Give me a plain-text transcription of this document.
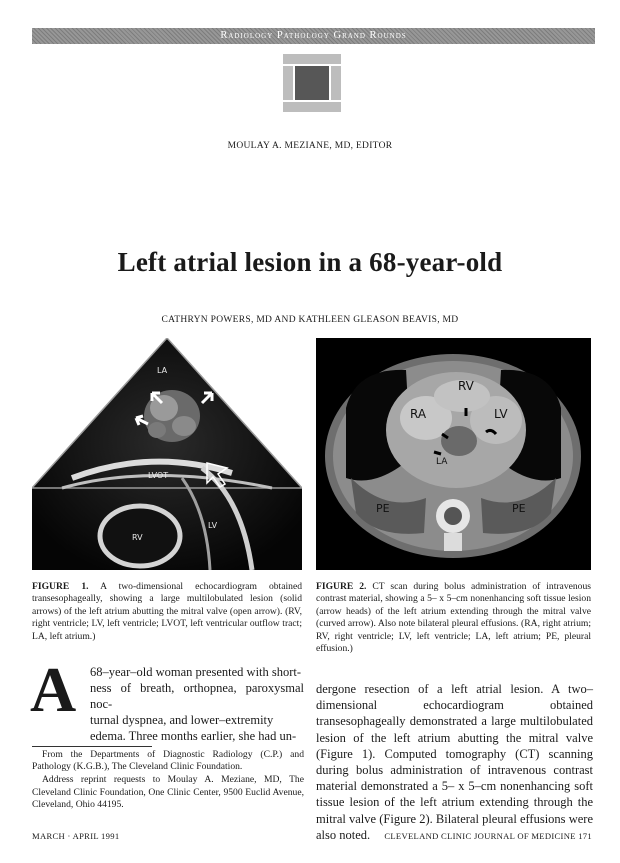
Radiology Pathology Grand Rounds
MOULAY A. MEZIANE, MD, EDITOR
Left atrial lesion in a 68-year-old
CATHRYN POWERS, MD AND KATHLEEN GLEASON BEAVIS, MD
LA
LVOT
LV
RV
RV
RA	LV
LA
PE	PE
FIGURE 1. A two-dimensional echocardiogram obtained transesophageally, showing a large multilobulated lesion (solid arrows) of the left atrium abutting the mitral valve (open arrow). (RV, right ventricle; LV, left ventricle; LVOT, left ventricular outflow tract; LA, left atrium.)
FIGURE 2. CT scan during bolus administration of intravenous contrast material, showing a 5– x 5–cm nonenhancing soft tissue lesion (arrow heads) of the left atrium extending through the mitral valve (curved arrow). Also note bilateral pleural effusions. (RA, right atrium; RV, right ventricle; LV, left ventricle; LA, left atrium; PE, pleural effusion.)
A	68–year–old woman presented with short-
ness of breath, orthopnea, paroxysmal noc-
turnal dyspnea, and lower–extremity
edema. Three months earlier, she had un-

From the Departments of Diagnostic Radiology (C.P.) and Pathology (K.G.B.), The Cleveland Clinic Foundation.

Address reprint requests to Moulay A. Meziane, MD, The Cleveland Clinic Foundation, One Clinic Center, 9500 Euclid Avenue, Cleveland, Ohio 44195.

dergone resection of a left atrial lesion. A two–dimensional echocardiogram obtained transesophageally demonstrated a large multilobulated lesion of the left atrium abutting the mitral valve (Figure 1). Computed tomography (CT) scanning during bolus administration of intravenous contrast material demonstrated a 5– x 5–cm nonenhancing soft tissue lesion of the left atrium extending through the mitral valve (Figure 2). Bilateral pleural effusions were also noted.

MARCH · APRIL 1991	CLEVELAND CLINIC JOURNAL OF MEDICINE 171
